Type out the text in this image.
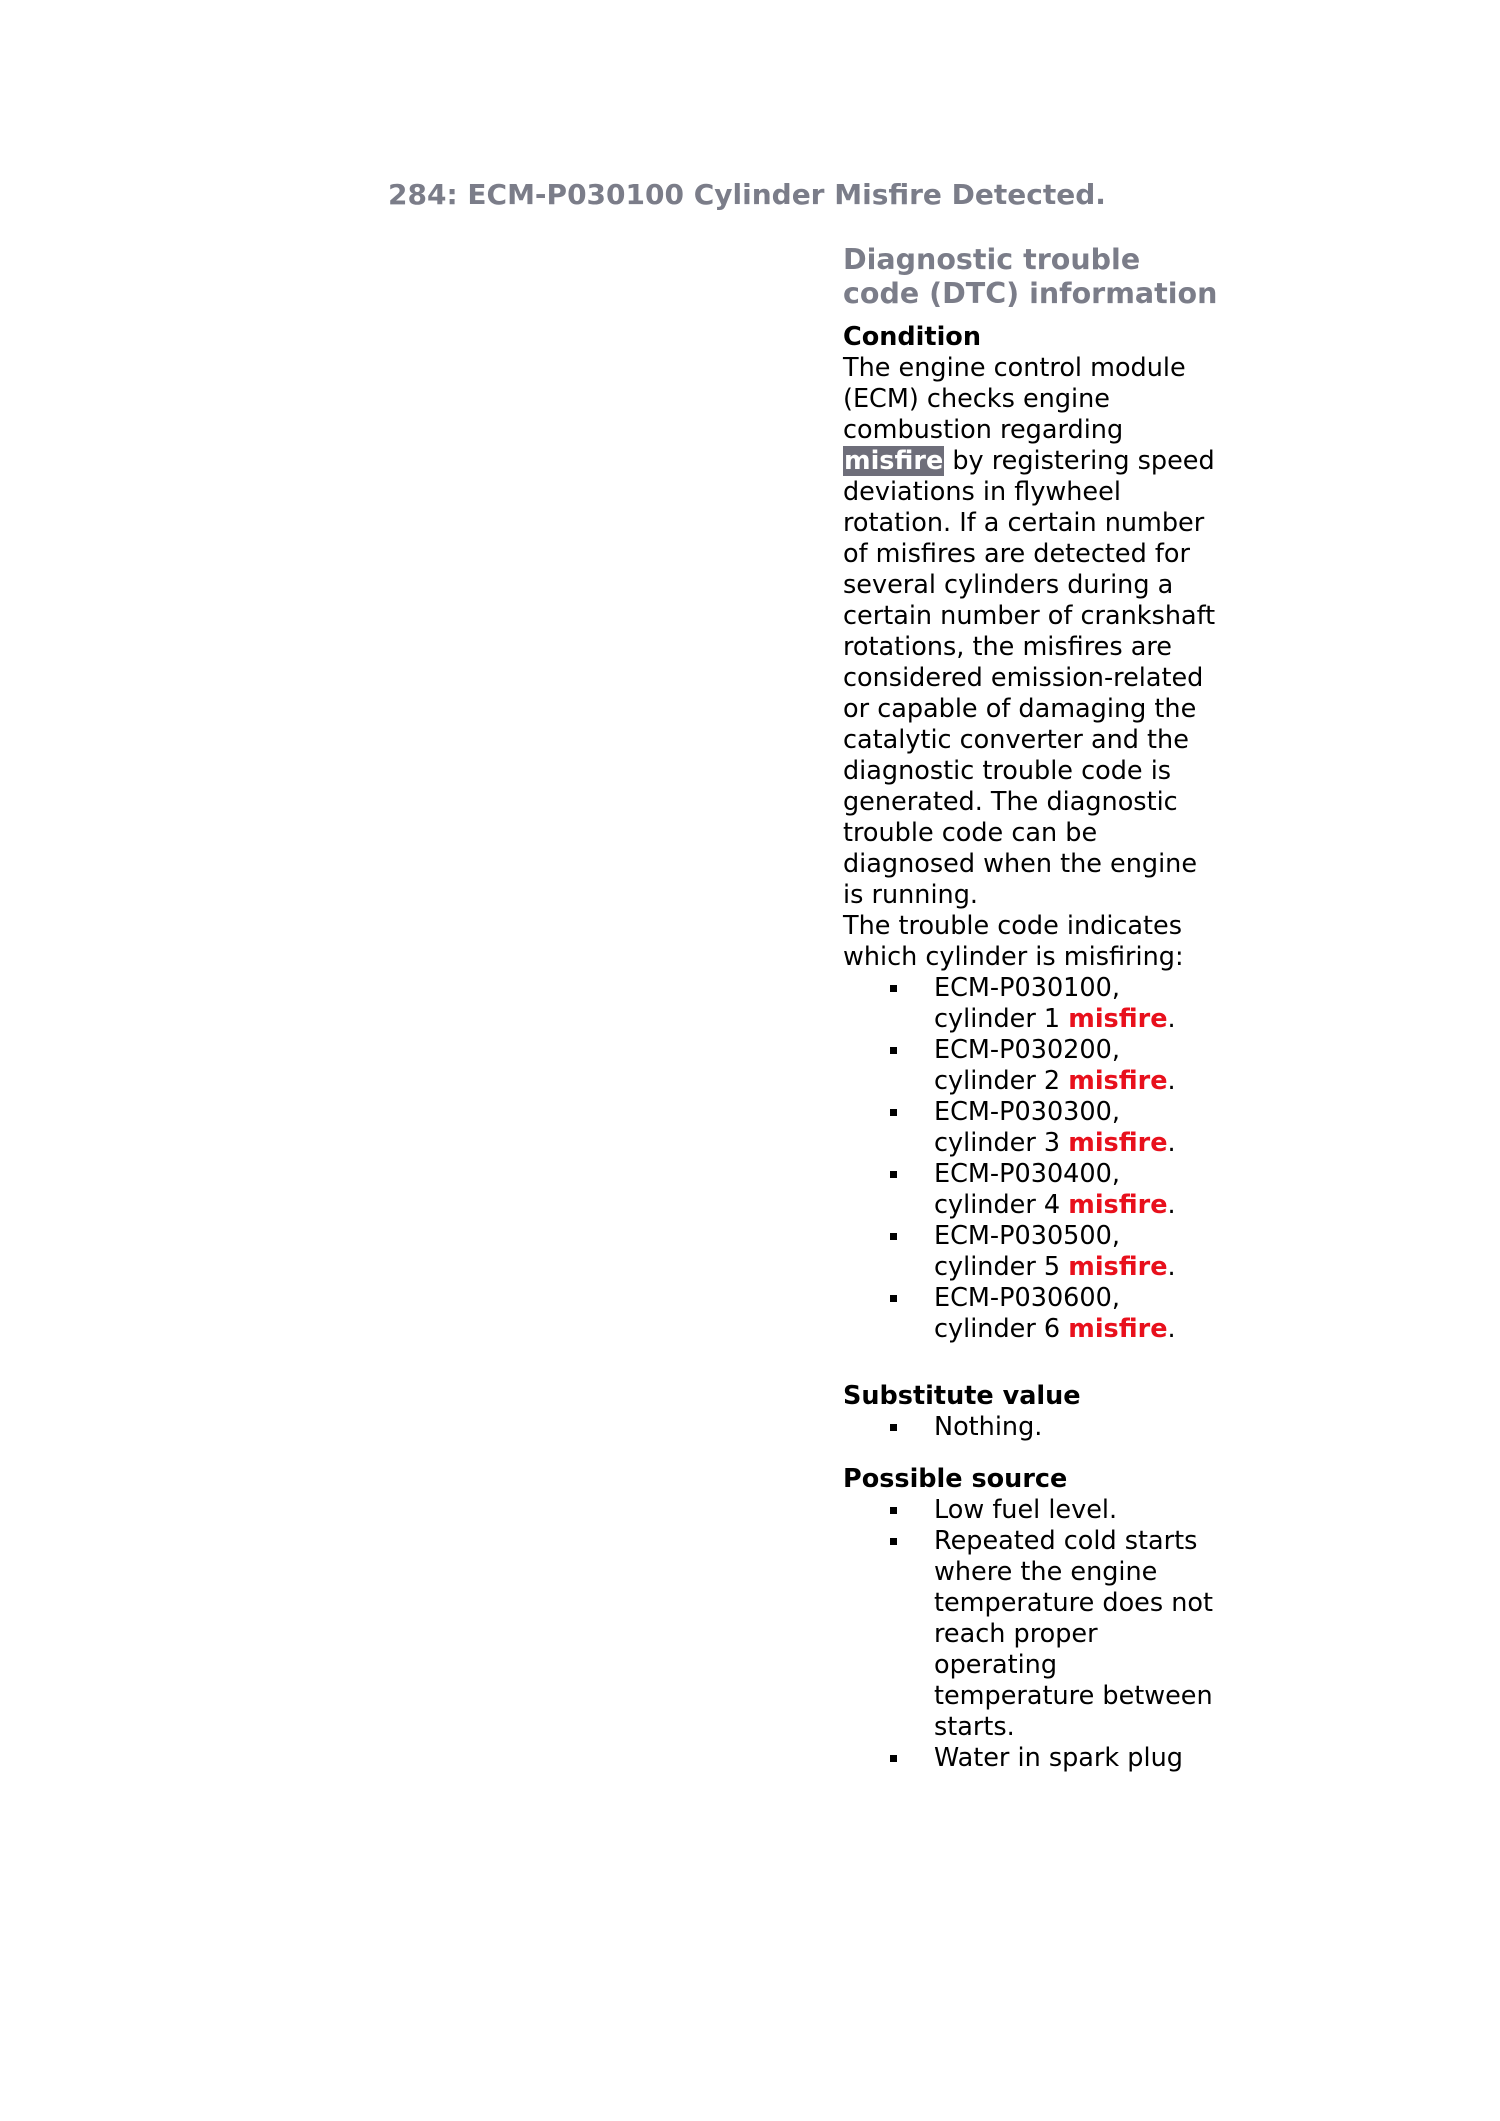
284: ECM-P030100 Cylinder Misfire Detected.
Diagnostic trouble code (DTC) information
Condition

The engine control module (ECM) checks engine combustion regarding misfire by registering speed deviations in flywheel rotation. If a certain number of misfires are detected for several cylinders during a certain number of crankshaft rotations, the misfires are considered emission-related or capable of damaging the catalytic converter and the diagnostic trouble code is generated. The diagnostic trouble code can be diagnosed when the engine is running.

The trouble code indicates which cylinder is misfiring:

ECM-P030100, cylinder 1 misfire.
ECM-P030200, cylinder 2 misfire.
ECM-P030300, cylinder 3 misfire.
ECM-P030400, cylinder 4 misfire.
ECM-P030500, cylinder 5 misfire.
ECM-P030600, cylinder 6 misfire.
Substitute value
Nothing.
Possible source
Low fuel level.
Repeated cold starts where the engine temperature does not reach proper operating temperature between starts.
Water in spark plug
